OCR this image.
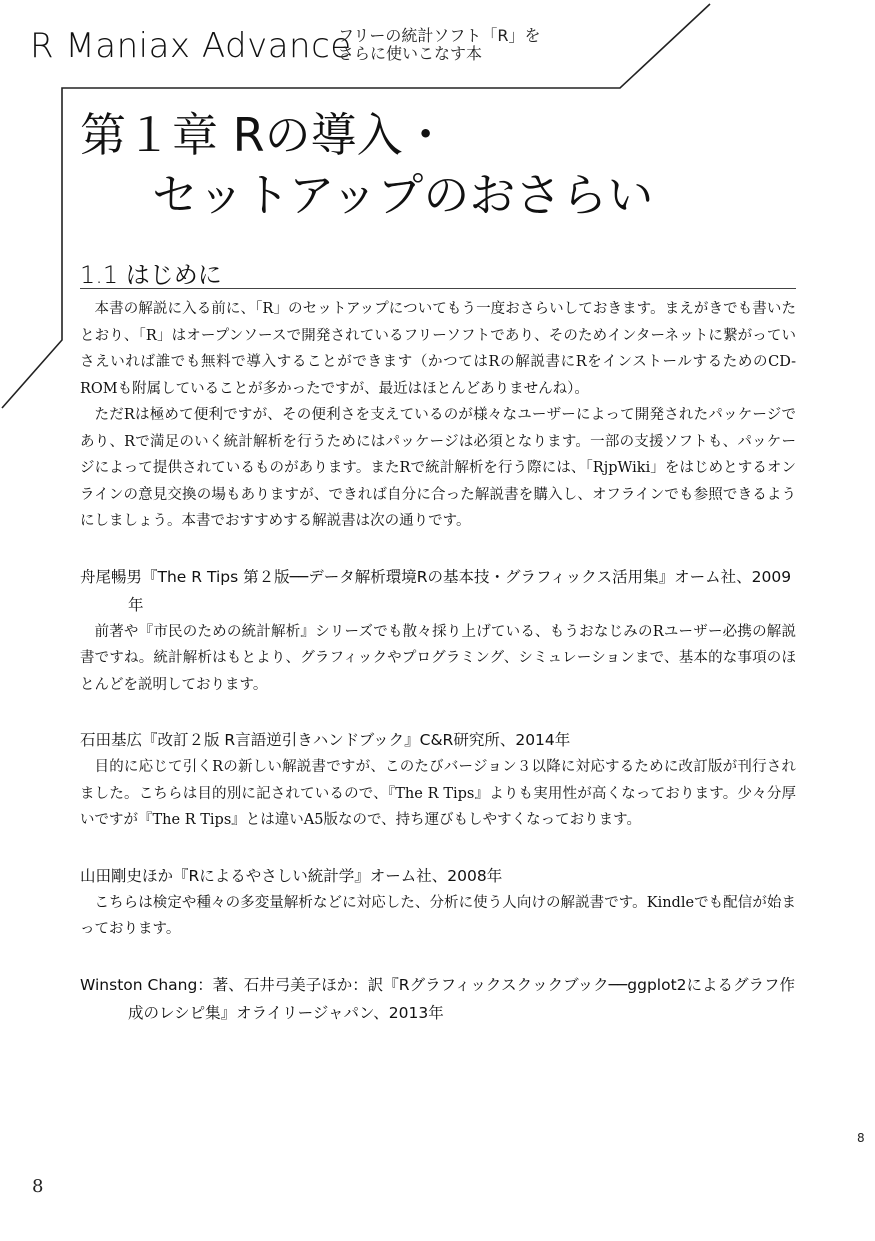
R Maniax Advance
フリーの統計ソフト「R」を
さらに使いこなす本
第１章 Rの導入・
セットアップのおさらい
1.1 はじめに

本書の解説に入る前に、「R」のセットアップについてもう一度おさらいしておきます。まえがきでも書いたとおり、「R」はオープンソースで開発されているフリーソフトであり、そのためインターネットに繋がっていさえいれば誰でも無料で導入することができます（かつてはRの解説書にRをインストールするためのCD-ROMも附属していることが多かったですが、最近はほとんどありませんね）。

ただRは極めて便利ですが、その便利さを支えているのが様々なユーザーによって開発されたパッケージであり、Rで満足のいく統計解析を行うためにはパッケージは必須となります。一部の支援ソフトも、パッケージによって提供されているものがあります。またRで統計解析を行う際には、「RjpWiki」をはじめとするオンラインの意見交換の場もありますが、できれば自分に合った解説書を購入し、オフラインでも参照できるようにしましょう。本書でおすすめする解説書は次の通りです。

舟尾暢男『The R Tips 第２版──データ解析環境Rの基本技・グラフィックス活用集』オーム社、2009年

前著や『市民のための統計解析』シリーズでも散々採り上げている、もうおなじみのRユーザー必携の解説書ですね。統計解析はもとより、グラフィックやプログラミング、シミュレーションまで、基本的な事項のほとんどを説明しております。

石田基広『改訂２版 R言語逆引きハンドブック』C&R研究所、2014年

目的に応じて引くRの新しい解説書ですが、このたびバージョン３以降に対応するために改訂版が刊行されました。こちらは目的別に記されているので、『The R Tips』よりも実用性が高くなっております。少々分厚いですが『The R Tips』とは違いA5版なので、持ち運びもしやすくなっております。

山田剛史ほか『Rによるやさしい統計学』オーム社、2008年

こちらは検定や種々の多変量解析などに対応した、分析に使う人向けの解説書です。Kindleでも配信が始まっております。

Winston Chang：著、石井弓美子ほか：訳『Rグラフィックスクックブック──ggplot2によるグラフ作成のレシピ集』オライリージャパン、2013年
8
8
